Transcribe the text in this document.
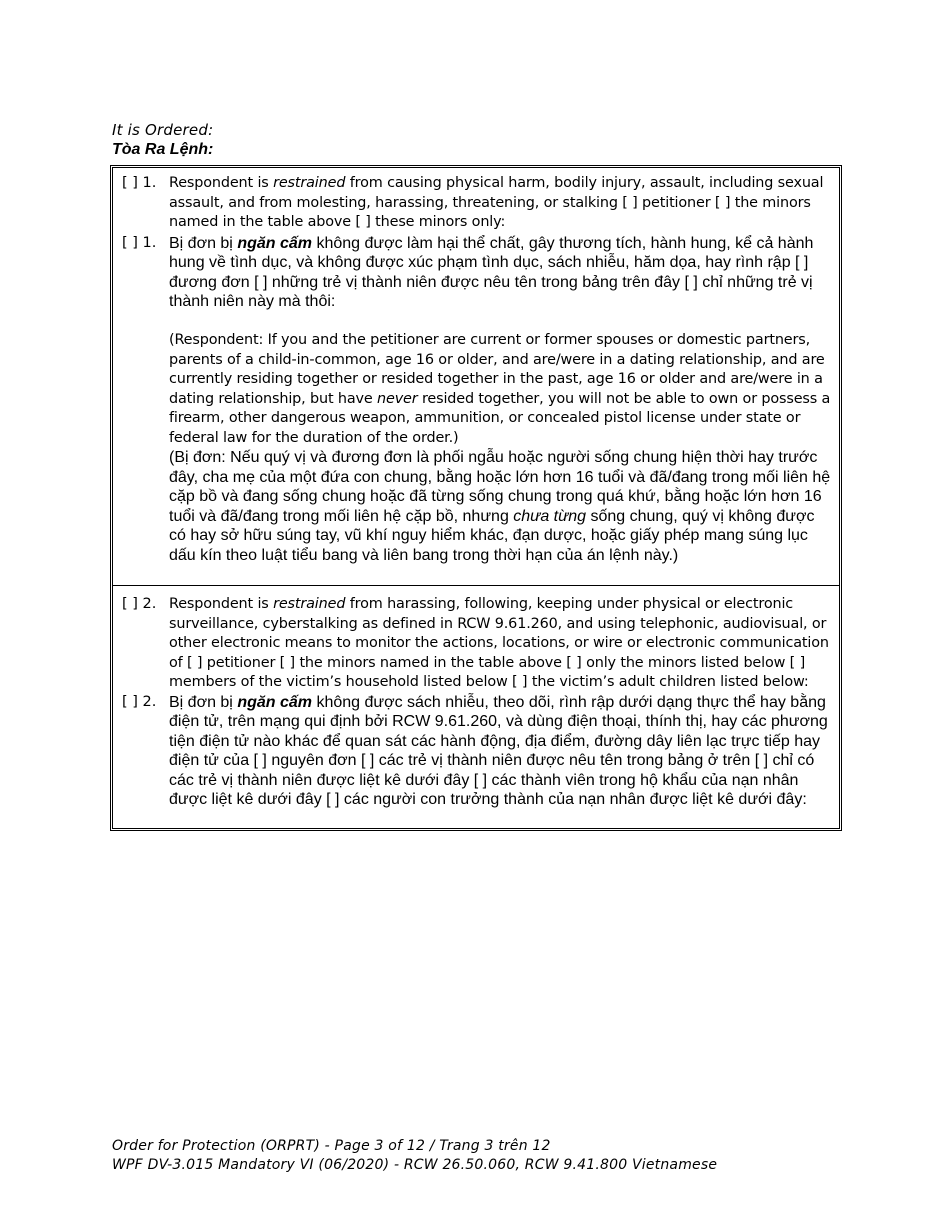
It is Ordered:
Tòa Ra Lệnh:
[ ] 1. Respondent is restrained from causing physical harm, bodily injury, assault, including sexual assault, and from molesting, harassing, threatening, or stalking [ ] petitioner [ ] the minors named in the table above [ ] these minors only:
[ ] 1. Bị đơn bị ngăn cấm không được làm hại thể chất, gây thương tích, hành hung, kể cả hành hung về tình dục, và không được xúc phạm tình dục, sách nhiễu, hăm dọa, hay rình rập [ ] đương đơn [ ] những trẻ vị thành niên được nêu tên trong bảng trên đây [ ] chỉ những trẻ vị thành niên này mà thôi:
(Respondent: If you and the petitioner are current or former spouses or domestic partners, parents of a child-in-common, age 16 or older, and are/were in a dating relationship, and are currently residing together or resided together in the past, age 16 or older and are/were in a dating relationship, but have never resided together, you will not be able to own or possess a firearm, other dangerous weapon, ammunition, or concealed pistol license under state or federal law for the duration of the order.)
(Bị đơn: Nếu quý vị và đương đơn là phối ngẫu hoặc người sống chung hiện thời hay trước đây, cha mẹ của một đứa con chung, bằng hoặc lớn hơn 16 tuổi và đã/đang trong mối liên hệ cặp bồ và đang sống chung hoặc đã từng sống chung trong quá khứ, bằng hoặc lớn hơn 16 tuổi và đã/đang trong mối liên hệ cặp bồ, nhưng chưa từng sống chung, quý vị không được có hay sở hữu súng tay, vũ khí nguy hiểm khác, đạn dược, hoặc giấy phép mang súng lục dấu kín theo luật tiểu bang và liên bang trong thời hạn của án lệnh này.)
[ ] 2. Respondent is restrained from harassing, following, keeping under physical or electronic surveillance, cyberstalking as defined in RCW 9.61.260, and using telephonic, audiovisual, or other electronic means to monitor the actions, locations, or wire or electronic communication of [ ] petitioner [ ] the minors named in the table above [ ] only the minors listed below [ ] members of the victim’s household listed below [ ] the victim’s adult children listed below:
[ ] 2. Bị đơn bị ngăn cấm không được sách nhiễu, theo dõi, rình rập dưới dạng thực thể hay bằng điện tử, trên mạng qui định bởi RCW 9.61.260, và dùng điện thoại, thính thị, hay các phương tiện điện tử nào khác để quan sát các hành động, địa điểm, đường dây liên lạc trực tiếp hay điện tử của [ ] nguyên đơn [ ] các trẻ vị thành niên được nêu tên trong bảng ở trên [ ] chỉ có các trẻ vị thành niên được liệt kê dưới đây [ ] các thành viên trong hộ khẩu của nạn nhân được liệt kê dưới đây [ ] các người con trưởng thành của nạn nhân được liệt kê dưới đây:
Order for Protection (ORPRT) - Page 3 of 12 / Trang 3 trên 12
WPF DV-3.015 Mandatory VI (06/2020) - RCW 26.50.060, RCW 9.41.800 Vietnamese
